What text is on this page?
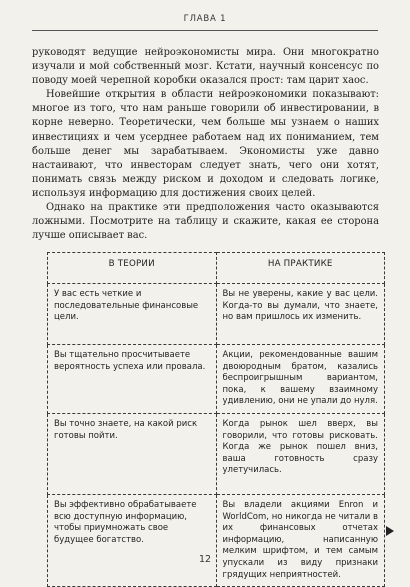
ГЛАВА 1

руководят ведущие нейроэкономисты мира. Они многократно изучали и мой собственный мозг. Кстати, научный консенсус по поводу моей черепной коробки оказался прост: там царит хаос.

Новейшие открытия в области нейроэкономики показывают: многое из того, что нам раньше говорили об инвестировании, в корне неверно. Теоретически, чем больше мы узнаем о наших инвестициях и чем усерднее работаем над их пониманием, тем больше денег мы зарабатываем. Экономисты уже давно настаивают, что инвесторам следует знать, чего они хотят, понимать связь между риском и доходом и следовать логике, используя информацию для достижения своих целей.

Однако на практике эти предположения часто оказываются ложными. Посмотрите на таблицу и скажите, какая ее сторона лучше описывает вас.

В ТЕОРИИ	НА ПРАКТИКЕ
У вас есть четкие и последовательные финансовые цели.	Вы не уверены, какие у вас цели. Когда-то вы думали, что знаете, но вам пришлось их изменить.
Вы тщательно просчитываете вероятность успеха или провала.	Акции, рекомендованные вашим двоюродным братом, казались беспроигрышным вариантом, пока, к вашему взаимному удивлению, они не упали до нуля.
Вы точно знаете, на какой риск готовы пойти.	Когда рынок шел вверх, вы говорили, что готовы рисковать. Когда же рынок пошел вниз, ваша готовность сразу улетучилась.
Вы эффективно обрабатываете всю доступную информацию, чтобы приумножать свое будущее богатство.	Вы владели акциями Enron и WorldCom, но никогда не читали в их финансовых отчетах информацию, написанную мелким шрифтом, и тем самым упускали из виду признаки грядущих неприятностей.
12
